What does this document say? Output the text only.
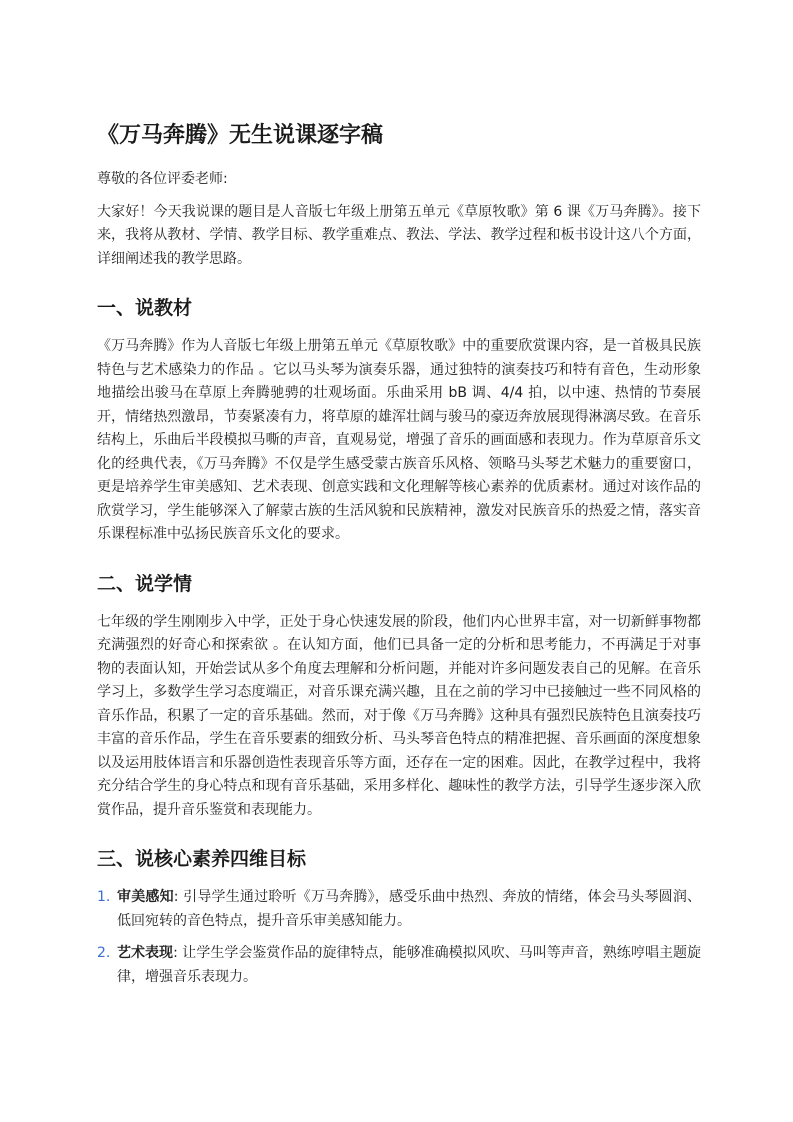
《万马奔腾》无生说课逐字稿

尊敬的各位评委老师:

大家好！今天我说课的题目是人音版七年级上册第五单元《草原牧歌》第 6 课《万马奔腾》。接下来，我将从教材、学情、教学目标、教学重难点、教法、学法、教学过程和板书设计这八个方面，详细阐述我的教学思路。

一、说教材

《万马奔腾》作为人音版七年级上册第五单元《草原牧歌》中的重要欣赏课内容，是一首极具民族特色与艺术感染力的作品 。它以马头琴为演奏乐器，通过独特的演奏技巧和特有音色，生动形象地描绘出骏马在草原上奔腾驰骋的壮观场面。乐曲采用 bB 调、4/4 拍，以中速、热情的节奏展开，情绪热烈激昂，节奏紧凑有力，将草原的雄浑壮阔与骏马的豪迈奔放展现得淋漓尽致。在音乐结构上，乐曲后半段模拟马嘶的声音，直观易觉，增强了音乐的画面感和表现力。作为草原音乐文化的经典代表，《万马奔腾》不仅是学生感受蒙古族音乐风格、领略马头琴艺术魅力的重要窗口，更是培养学生审美感知、艺术表现、创意实践和文化理解等核心素养的优质素材。通过对该作品的欣赏学习，学生能够深入了解蒙古族的生活风貌和民族精神，激发对民族音乐的热爱之情，落实音乐课程标准中弘扬民族音乐文化的要求。

二、说学情

七年级的学生刚刚步入中学，正处于身心快速发展的阶段，他们内心世界丰富，对一切新鲜事物都充满强烈的好奇心和探索欲 。在认知方面，他们已具备一定的分析和思考能力，不再满足于对事物的表面认知，开始尝试从多个角度去理解和分析问题，并能对许多问题发表自己的见解。在音乐学习上，多数学生学习态度端正，对音乐课充满兴趣，且在之前的学习中已接触过一些不同风格的音乐作品，积累了一定的音乐基础。然而，对于像《万马奔腾》这种具有强烈民族特色且演奏技巧丰富的音乐作品，学生在音乐要素的细致分析、马头琴音色特点的精准把握、音乐画面的深度想象以及运用肢体语言和乐器创造性表现音乐等方面，还存在一定的困难。因此，在教学过程中，我将充分结合学生的身心特点和现有音乐基础，采用多样化、趣味性的教学方法，引导学生逐步深入欣赏作品，提升音乐鉴赏和表现能力。

三、说核心素养四维目标
1. 审美感知: 引导学生通过聆听《万马奔腾》，感受乐曲中热烈、奔放的情绪，体会马头琴圆润、低回宛转的音色特点，提升音乐审美感知能力。
2. 艺术表现: 让学生学会鉴赏作品的旋律特点，能够准确模拟风吹、马叫等声音，熟练哼唱主题旋律，增强音乐表现力。
